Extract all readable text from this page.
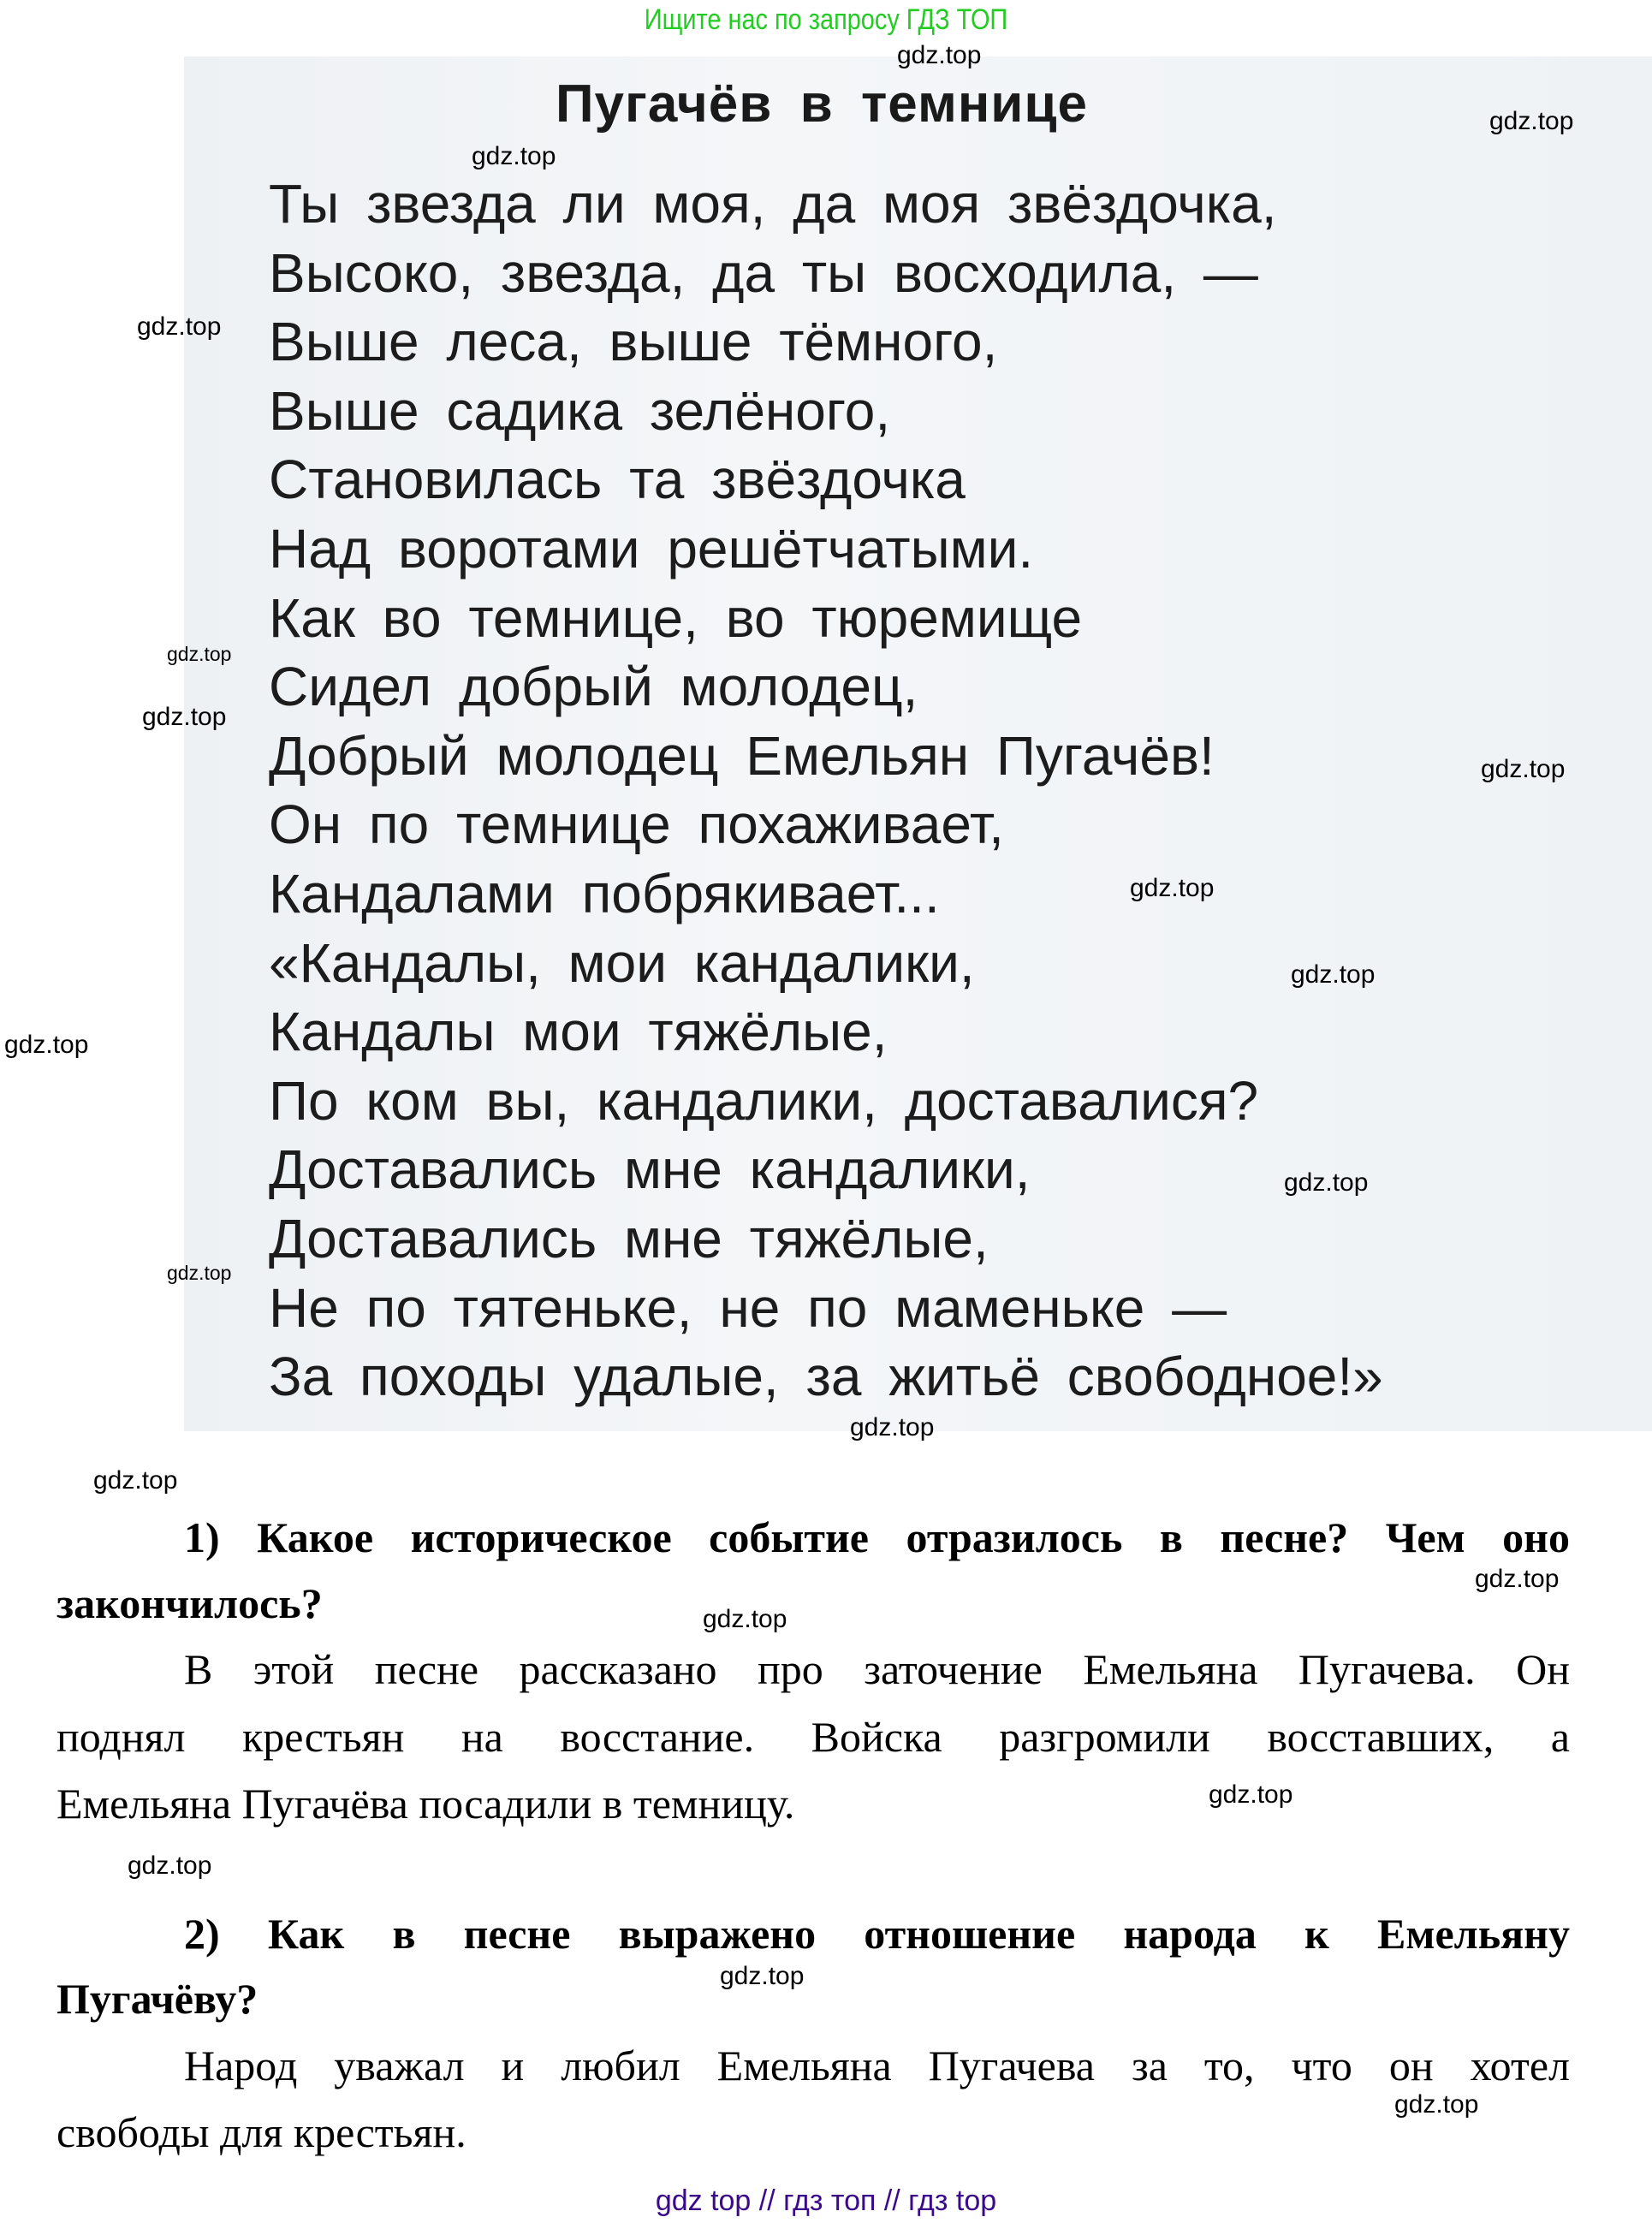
Ищите нас по запросу ГДЗ ТОП
Пугачёв в темнице
Ты звезда ли моя, да моя звёздочка,
Высоко, звезда, да ты восходила, —
Выше леса, выше тёмного,
Выше садика зелёного,
Становилась та звёздочка
Над воротами решётчатыми.
Как во темнице, во тюремище
Сидел добрый молодец,
Добрый молодец Емельян Пугачёв!
Он по темнице похаживает,
Кандалами побрякивает...
«Кандалы, мои кандалики,
Кандалы мои тяжёлые,
По ком вы, кандалики, доставалися?
Доставались мне кандалики,
Доставались мне тяжёлые,
Не по тятеньке, не по маменьке —
За походы удалые, за житьё свободное!»
1) Какое историческое событие отразилось в песне? Чем оно
закончилось?
В этой песне рассказано про заточение Емельяна Пугачева. Он
поднял крестьян на восстание. Войска разгромили восставших, а
Емельяна Пугачёва посадили в темницу.
2) Как в песне выражено отношение народа к Емельяну
Пугачёву?
Народ уважал и любил Емельяна Пугачева за то, что он хотел
свободы для крестьян.
gdz.top
gdz.top
gdz.top
gdz.top
gdz.top
gdz.top
gdz.top
gdz.top
gdz.top
gdz.top
gdz.top
gdz.top
gdz.top
gdz.top
gdz.top
gdz.top
gdz.top
gdz.top
gdz.top
gdz.top
gdz top // гдз топ // гдз top
